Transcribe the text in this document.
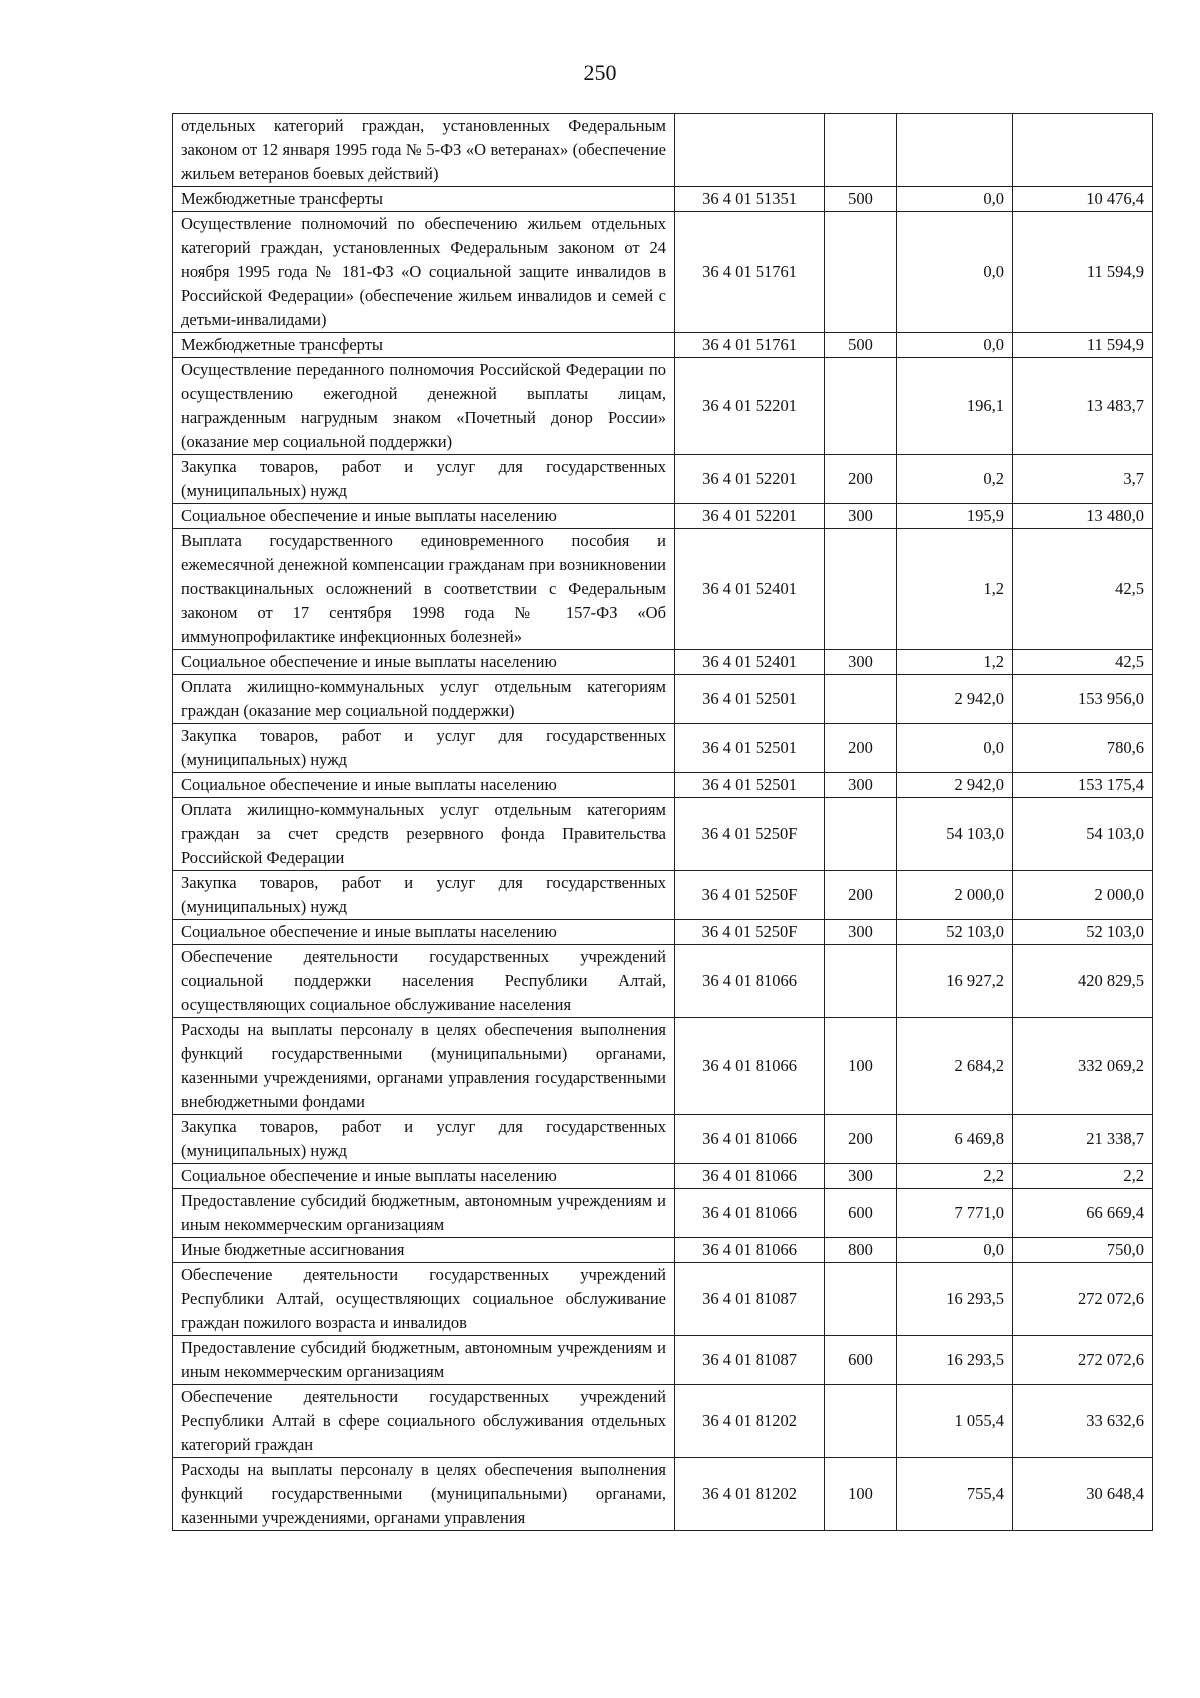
250
отдельных категорий граждан, установленных Федеральным законом от 12 января 1995 года № 5-ФЗ «О ветеранах» (обеспечение жильем ветеранов боевых действий)				
Межбюджетные трансферты	36 4 01 51351	500	0,0	10 476,4
Осуществление полномочий по обеспечению жильем отдельных категорий граждан, установленных Федеральным законом от 24 ноября 1995 года № 181-ФЗ «О социальной защите инвалидов в Российской Федерации» (обеспечение жильем инвалидов и семей с детьми-инвалидами)	36 4 01 51761		0,0	11 594,9
Межбюджетные трансферты	36 4 01 51761	500	0,0	11 594,9
Осуществление переданного полномочия Российской Федерации по осуществлению ежегодной денежной выплаты лицам, награжденным нагрудным знаком «Почетный донор России» (оказание мер социальной поддержки)	36 4 01 52201		196,1	13 483,7
Закупка товаров, работ и услуг для государственных (муниципальных) нужд	36 4 01 52201	200	0,2	3,7
Социальное обеспечение и иные выплаты населению	36 4 01 52201	300	195,9	13 480,0
Выплата государственного единовременного пособия и ежемесячной денежной компенсации гражданам при возникновении поствакцинальных осложнений в соответствии с Федеральным законом от 17 сентября 1998 года № 157-ФЗ «Об иммунопрофилактике инфекционных болезней»	36 4 01 52401		1,2	42,5
Социальное обеспечение и иные выплаты населению	36 4 01 52401	300	1,2	42,5
Оплата жилищно-коммунальных услуг отдельным категориям граждан (оказание мер социальной поддержки)	36 4 01 52501		2 942,0	153 956,0
Закупка товаров, работ и услуг для государственных (муниципальных) нужд	36 4 01 52501	200	0,0	780,6
Социальное обеспечение и иные выплаты населению	36 4 01 52501	300	2 942,0	153 175,4
Оплата жилищно-коммунальных услуг отдельным категориям граждан за счет средств резервного фонда Правительства Российской Федерации	36 4 01 5250F		54 103,0	54 103,0
Закупка товаров, работ и услуг для государственных (муниципальных) нужд	36 4 01 5250F	200	2 000,0	2 000,0
Социальное обеспечение и иные выплаты населению	36 4 01 5250F	300	52 103,0	52 103,0
Обеспечение деятельности государственных учреждений социальной поддержки населения Республики Алтай, осуществляющих социальное обслуживание населения	36 4 01 81066		16 927,2	420 829,5
Расходы на выплаты персоналу в целях обеспечения выполнения функций государственными (муниципальными) органами, казенными учреждениями, органами управления государственными внебюджетными фондами	36 4 01 81066	100	2 684,2	332 069,2
Закупка товаров, работ и услуг для государственных (муниципальных) нужд	36 4 01 81066	200	6 469,8	21 338,7
Социальное обеспечение и иные выплаты населению	36 4 01 81066	300	2,2	2,2
Предоставление субсидий бюджетным, автономным учреждениям и иным некоммерческим организациям	36 4 01 81066	600	7 771,0	66 669,4
Иные бюджетные ассигнования	36 4 01 81066	800	0,0	750,0
Обеспечение деятельности государственных учреждений Республики Алтай, осуществляющих социальное обслуживание граждан пожилого возраста и инвалидов	36 4 01 81087		16 293,5	272 072,6
Предоставление субсидий бюджетным, автономным учреждениям и иным некоммерческим организациям	36 4 01 81087	600	16 293,5	272 072,6
Обеспечение деятельности государственных учреждений Республики Алтай в сфере социального обслуживания отдельных категорий граждан	36 4 01 81202		1 055,4	33 632,6
Расходы на выплаты персоналу в целях обеспечения выполнения функций государственными (муниципальными) органами, казенными учреждениями, органами управления	36 4 01 81202	100	755,4	30 648,4
